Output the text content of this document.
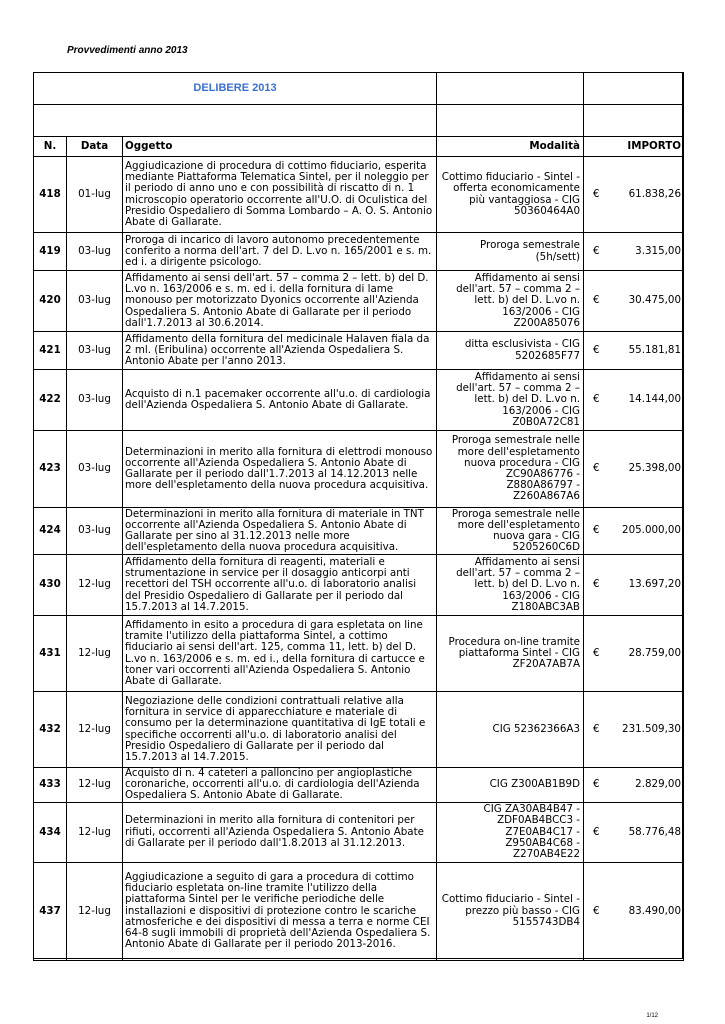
Provvedimenti anno 2013
DELIBERE 2013					

N.	Data	Oggetto	Modalità		IMPORTO
418	01-lug	Aggiudicazione di procedura di cottimo fiduciario, esperita mediante Piattaforma Telematica Sintel, per il noleggio per il periodo di anno uno e con possibilità di riscatto di n. 1 microscopio operatorio occorrente all'U.O. di Oculistica del Presidio Ospedaliero di Somma Lombardo – A. O. S. Antonio Abate di Gallarate.	Cottimo fiduciario - Sintel - offerta economicamente più vantaggiosa - CIG 50360464A0	€	61.838,26
419	03-lug	Proroga di incarico di lavoro autonomo precedentemente conferito a norma dell'art. 7 del D. L.vo n. 165/2001 e s. m. ed i. a dirigente psicologo.	Proroga semestrale (5h/sett)	€	3.315,00
420	03-lug	Affidamento ai sensi dell'art. 57 – comma 2 – lett. b) del D. L.vo n. 163/2006 e s. m. ed i. della fornitura di lame monouso per motorizzato Dyonics occorrente all'Azienda Ospedaliera S. Antonio Abate di Gallarate per il periodo dall'1.7.2013 al 30.6.2014.	Affidamento ai sensi dell'art. 57 – comma 2 – lett. b) del D. L.vo n. 163/2006 - CIG Z200A85076	€	30.475,00
421	03-lug	Affidamento della fornitura del medicinale Halaven fiala da 2 ml. (Eribulina) occorrente all'Azienda Ospedaliera S. Antonio Abate per l'anno 2013.	ditta esclusivista - CIG 5202685F77	€	55.181,81
422	03-lug	Acquisto di n.1 pacemaker occorrente all'u.o. di cardiologia dell'Azienda Ospedaliera S. Antonio Abate di Gallarate.	Affidamento ai sensi dell'art. 57 – comma 2 – lett. b) del D. L.vo n. 163/2006 - CIG Z0B0A72C81	€	14.144,00
423	03-lug	Determinazioni in merito alla fornitura di elettrodi monouso occorrente all'Azienda Ospedaliera S. Antonio Abate di Gallarate per il periodo dall'1.7.2013 al 14.12.2013 nelle more dell'espletamento della nuova procedura acquisitiva.	Proroga semestrale nelle more dell'espletamento nuova procedura - CIG ZC90A86776 - Z880A86797 - Z260A867A6	€	25.398,00
424	03-lug	Determinazioni in merito alla fornitura di materiale in TNT occorrente all'Azienda Ospedaliera S. Antonio Abate di Gallarate per sino al 31.12.2013 nelle more dell'espletamento della nuova procedura acquisitiva.	Proroga semestrale nelle more dell'espletamento nuova gara - CIG 5205260C6D	€	205.000,00
430	12-lug	Affidamento della fornitura di reagenti, materiali e strumentazione in service per il dosaggio anticorpi anti recettori del TSH occorrente all'u.o. di laboratorio analisi del Presidio Ospedaliero di Gallarate per il periodo dal 15.7.2013 al 14.7.2015.	Affidamento ai sensi dell'art. 57 – comma 2 – lett. b) del D. L.vo n. 163/2006 - CIG Z180ABC3AB	€	13.697,20
431	12-lug	Affidamento in esito a procedura di gara espletata on line tramite l'utilizzo della piattaforma Sintel, a cottimo fiduciario ai sensi dell'art. 125, comma 11, lett. b) del D. L.vo n. 163/2006 e s. m. ed i., della fornitura di cartucce e toner vari occorrenti all'Azienda Ospedaliera S. Antonio Abate di Gallarate.	Procedura on-line tramite piattaforma Sintel - CIG ZF20A7AB7A	€	28.759,00
432	12-lug	Negoziazione delle condizioni contrattuali relative alla fornitura in service di apparecchiature e materiale di consumo per la determinazione quantitativa di IgE totali e specifiche occorrenti all'u.o. di laboratorio analisi del Presidio Ospedaliero di Gallarate per il periodo dal 15.7.2013 al 14.7.2015.	CIG 52362366A3	€	231.509,30
433	12-lug	Acquisto di n. 4 cateteri a palloncino per angioplastiche coronariche, occorrenti all'u.o. di cardiologia dell'Azienda Ospedaliera S. Antonio Abate di Gallarate.	CIG Z300AB1B9D	€	2.829,00
434	12-lug	Determinazioni in merito alla fornitura di contenitori per rifiuti, occorrenti all'Azienda Ospedaliera S. Antonio Abate di Gallarate per il periodo dall'1.8.2013 al 31.12.2013.	CIG ZA30AB4B47 - ZDF0AB4BCC3 - Z7E0AB4C17 - Z950AB4C68 - Z270AB4E22	€	58.776,48
437	12-lug	Aggiudicazione a seguito di gara a procedura di cottimo fiduciario espletata on-line tramite l'utilizzo della piattaforma Sintel per le verifiche periodiche delle installazioni e dispositivi di protezione contro le scariche atmosferiche e dei dispositivi di messa a terra e norme CEI 64-8 sugli immobili di proprietà dell'Azienda Ospedaliera S. Antonio Abate di Gallarate per il periodo 2013-2016.	Cottimo fiduciario - Sintel - prezzo più basso - CIG 5155743DB4	€	83.490,00
1/12
